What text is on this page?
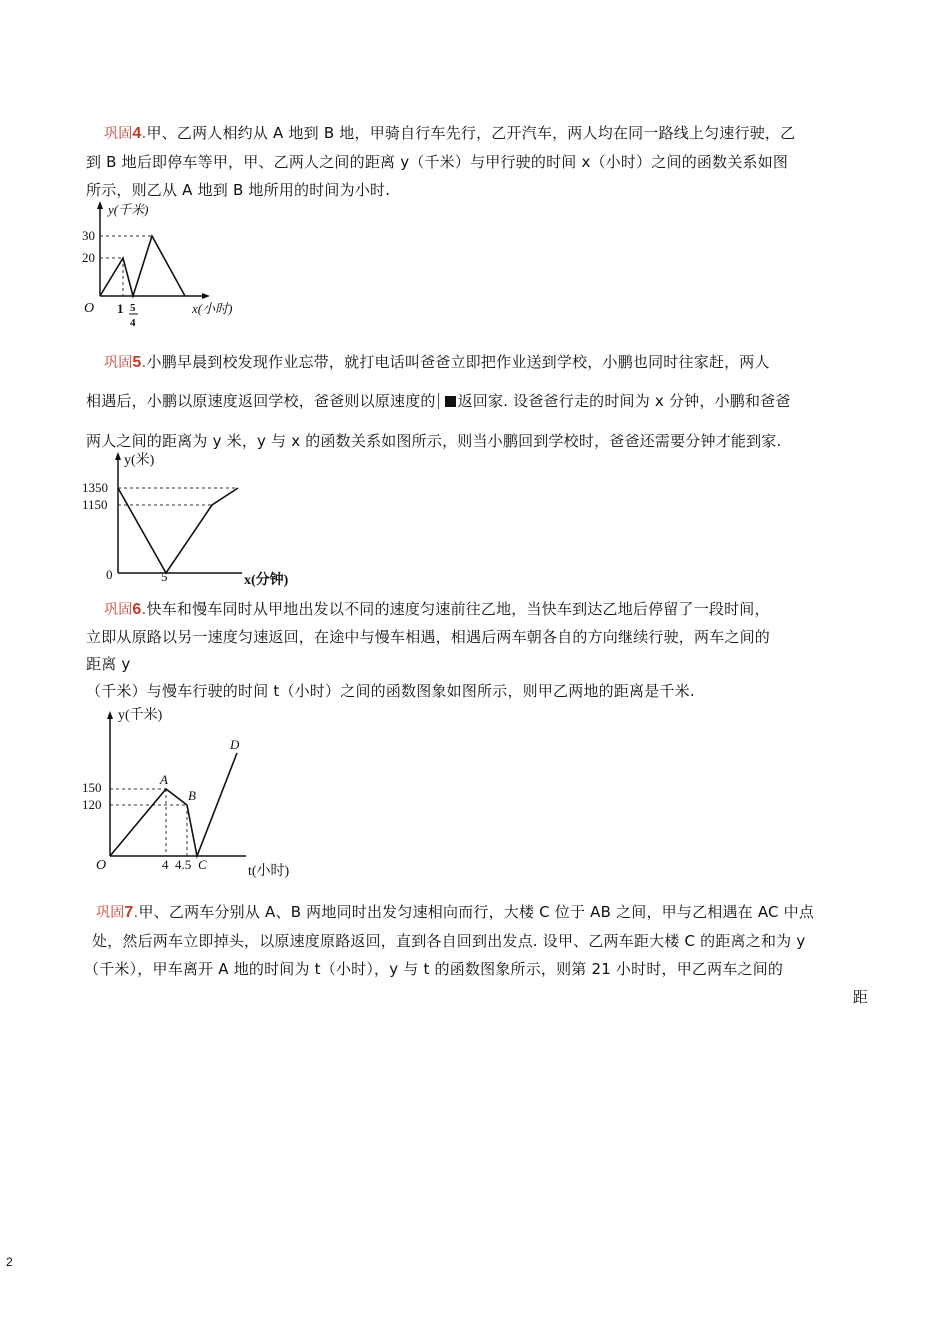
巩固4.甲、乙两人相约从 A 地到 B 地，甲骑自行车先行，乙开汽车，两人均在同一路线上匀速行驶，乙
到 B 地后即停车等甲，甲、乙两人之间的距离 y（千米）与甲行驶的时间 x（小时）之间的函数关系如图
所示，则乙从 A 地到 B 地所用的时间为小时.
y(千米)
30
20
O 1 5
4
x(小时)
巩固5.小鹏早晨到校发现作业忘带，就打电话叫爸爸立即把作业送到学校，小鹏也同时往家赶，两人
相遇后，小鹏以原速度返回学校，爸爸则以原速度的 返回家. 设爸爸行走的时间为 x 分钟，小鹏和爸爸
两人之间的距离为 y 米，y 与 x 的函数关系如图所示，则当小鹏回到学校时，爸爸还需要分钟才能到家.
y(米)
1350
1150
0	5	x(分钟)
巩固6.快车和慢车同时从甲地出发以不同的速度匀速前往乙地，当快车到达乙地后停留了一段时间，
立即从原路以另一速度匀速返回，在途中与慢车相遇，相遇后两车朝各自的方向继续行驶，两车之间的
距离 y
（千米）与慢车行驶的时间 t（小时）之间的函数图象如图所示，则甲乙两地的距离是千米.
y(千米)
150
120
O	4 4.5
A
B
C
D
t(小时)
巩固7.甲、乙两车分别从 A、B 两地同时出发匀速相向而行，大楼 C 位于 AB 之间，甲与乙相遇在 AC 中点
处，然后两车立即掉头，以原速度原路返回，直到各自回到出发点. 设甲、乙两车距大楼 C 的距离之和为 y
（千米），甲车离开 A 地的时间为 t（小时），y 与 t 的函数图象所示，则第 21 小时时，甲乙两车之间的
距
2
